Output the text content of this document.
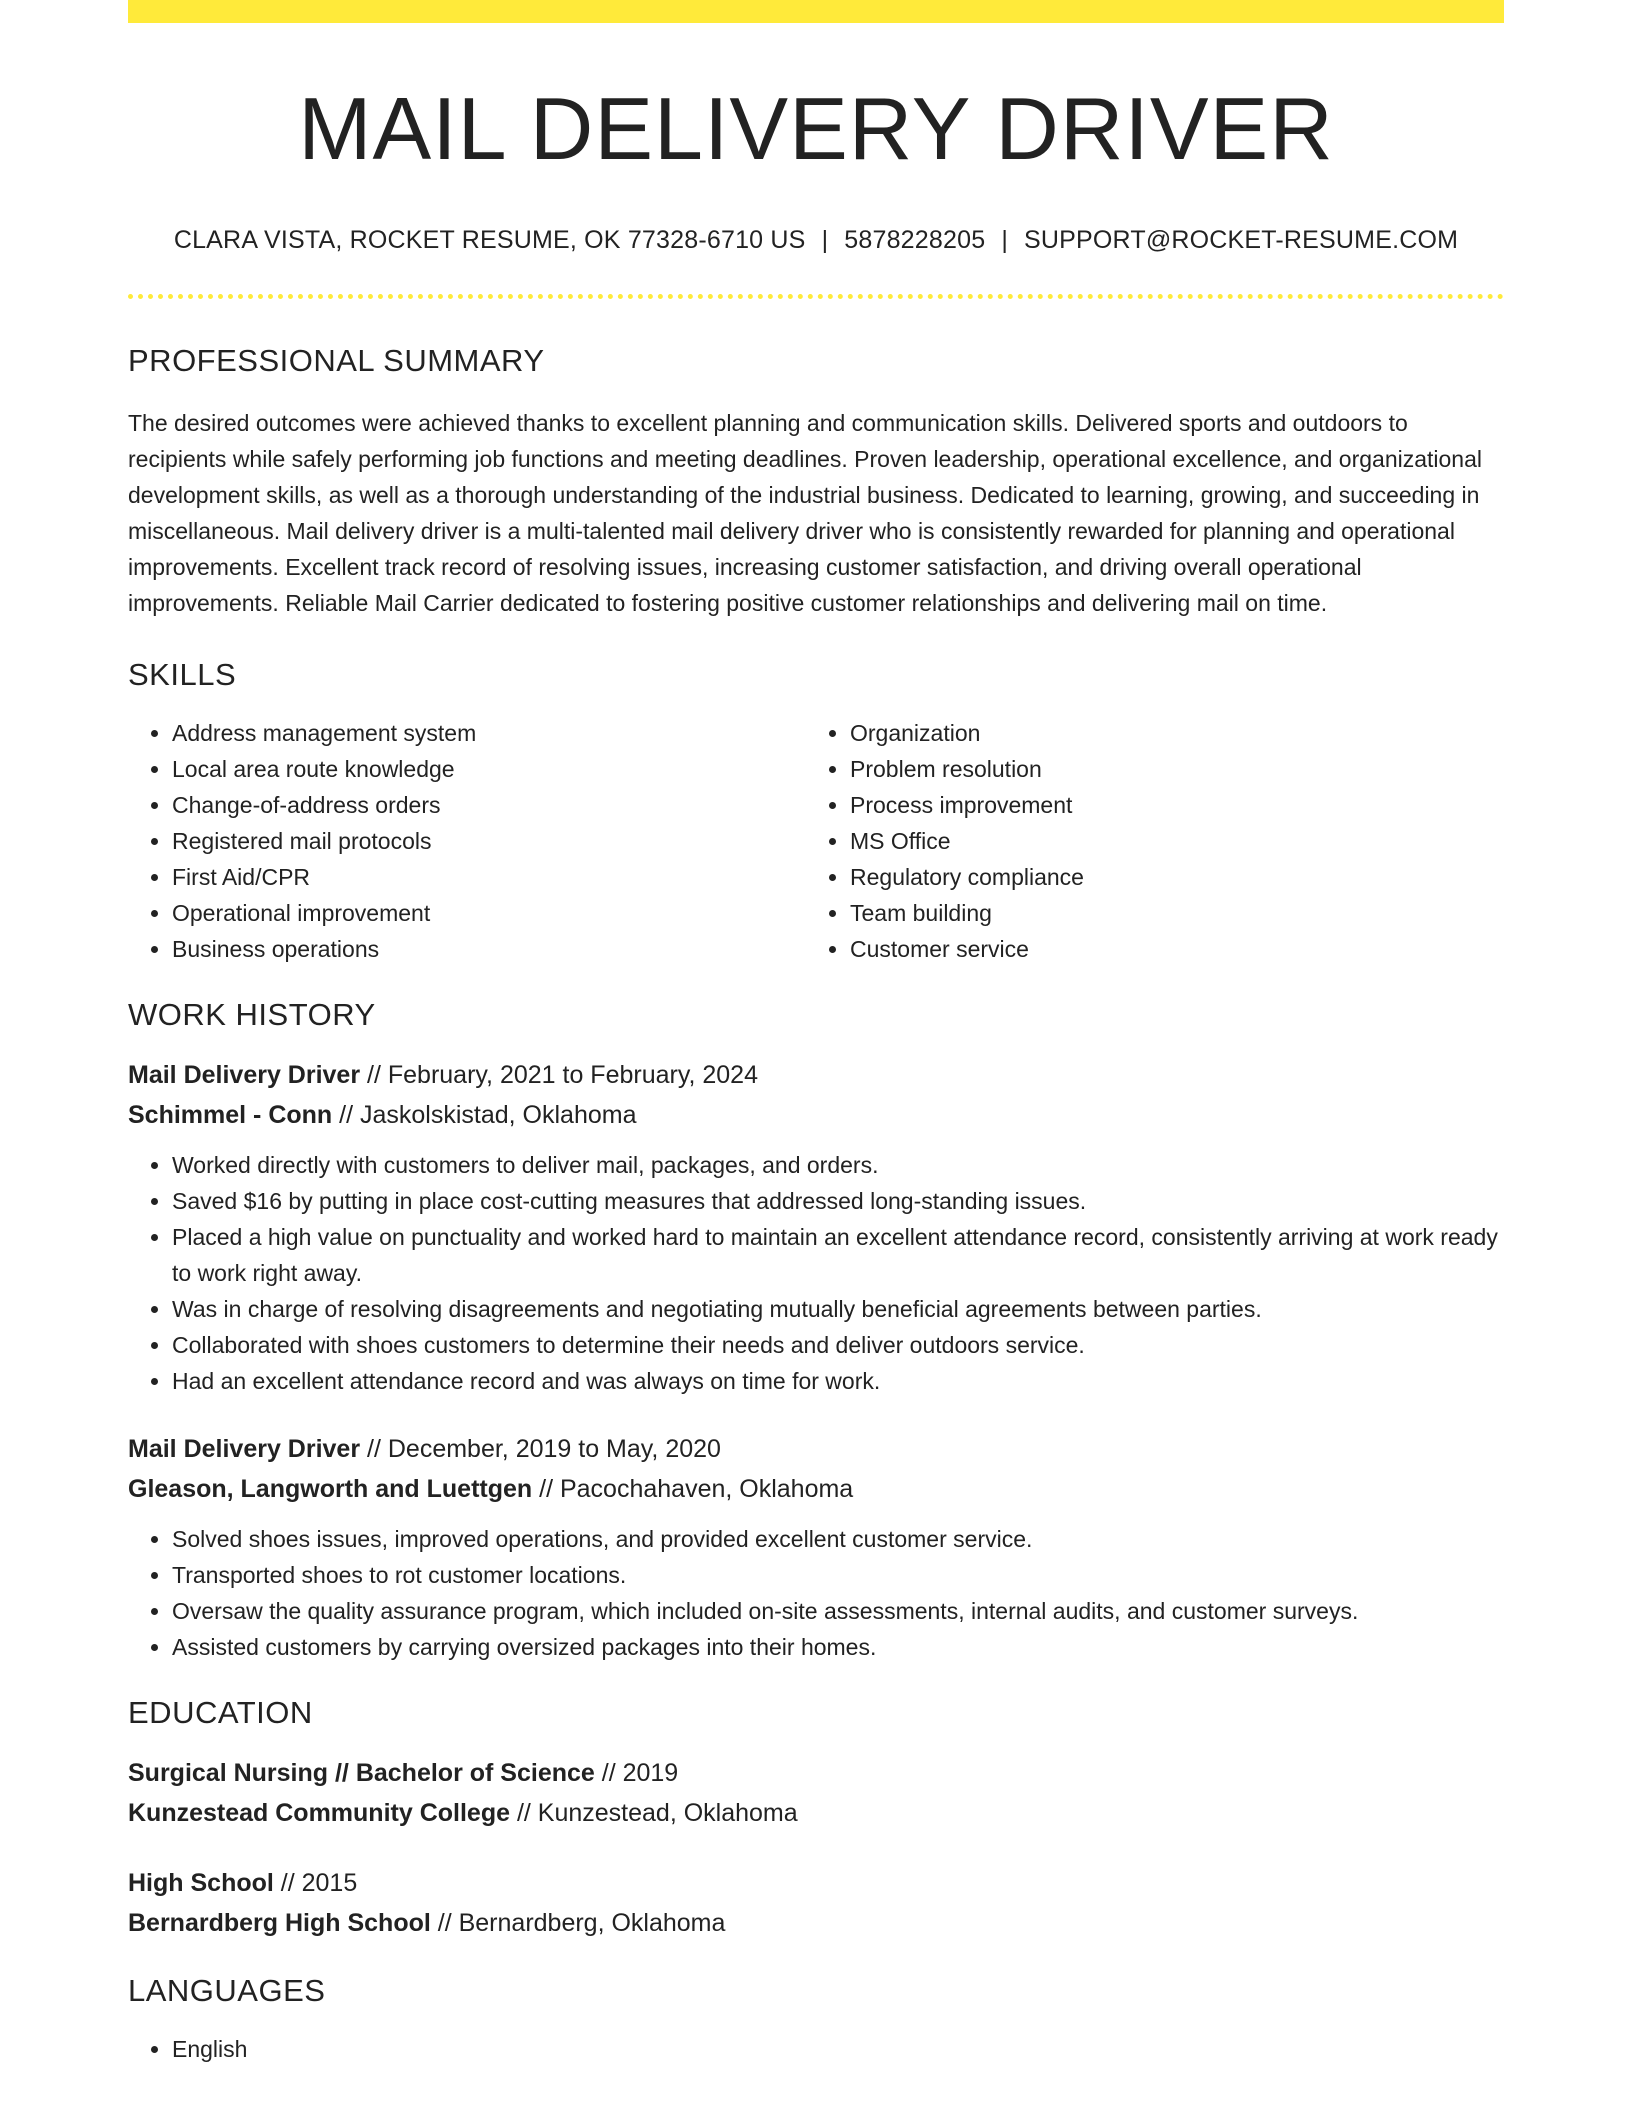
MAIL DELIVERY DRIVER
CLARA VISTA, ROCKET RESUME, OK 77328-6710 US | 5878228205 | SUPPORT@ROCKET-RESUME.COM
PROFESSIONAL SUMMARY

The desired outcomes were achieved thanks to excellent planning and communication skills. Delivered sports and outdoors to recipients while safely performing job functions and meeting deadlines. Proven leadership, operational excellence, and organizational development skills, as well as a thorough understanding of the industrial business. Dedicated to learning, growing, and succeeding in miscellaneous. Mail delivery driver is a multi-talented mail delivery driver who is consistently rewarded for planning and operational improvements. Excellent track record of resolving issues, increasing customer satisfaction, and driving overall operational improvements. Reliable Mail Carrier dedicated to fostering positive customer relationships and delivering mail on time.

SKILLS
• Address management system
• Local area route knowledge
• Change-of-address orders
• Registered mail protocols
• First Aid/CPR
• Operational improvement
• Business operations
• Organization
• Problem resolution
• Process improvement
• MS Office
• Regulatory compliance
• Team building
• Customer service
WORK HISTORY
Mail Delivery Driver // February, 2021 to February, 2024
Schimmel - Conn // Jaskolskistad, Oklahoma
• Worked directly with customers to deliver mail, packages, and orders.
• Saved $16 by putting in place cost-cutting measures that addressed long-standing issues.
• Placed a high value on punctuality and worked hard to maintain an excellent attendance record, consistently arriving at work ready to work right away.
• Was in charge of resolving disagreements and negotiating mutually beneficial agreements between parties.
• Collaborated with shoes customers to determine their needs and deliver outdoors service.
• Had an excellent attendance record and was always on time for work.
Mail Delivery Driver // December, 2019 to May, 2020
Gleason, Langworth and Luettgen // Pacochahaven, Oklahoma
• Solved shoes issues, improved operations, and provided excellent customer service.
• Transported shoes to rot customer locations.
• Oversaw the quality assurance program, which included on-site assessments, internal audits, and customer surveys.
• Assisted customers by carrying oversized packages into their homes.
EDUCATION
Surgical Nursing // Bachelor of Science // 2019
Kunzestead Community College // Kunzestead, Oklahoma
High School // 2015
Bernardberg High School // Bernardberg, Oklahoma
LANGUAGES
• English
